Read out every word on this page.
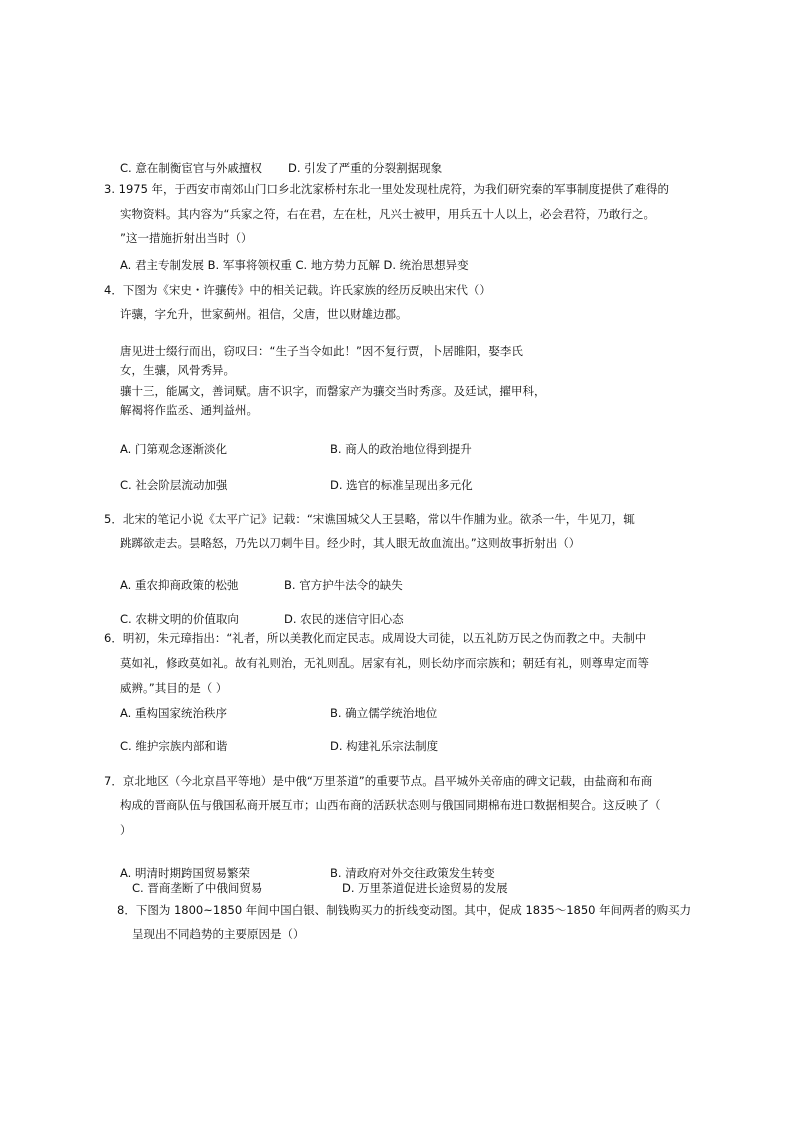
C. 意在制衡宦官与外戚擅权 D. 引发了严重的分裂割据现象
3. 1975 年，于西安市南郊山门口乡北沈家桥村东北一里处发现杜虎符，为我们研究秦的军事制度提供了难得的
实物资料。其内容为“兵家之符，右在君，左在杜，凡兴士被甲，用兵五十人以上，必会君符，乃敢行之。
”这一措施折射出当时（）
A. 君主专制发展 B. 军事将领权重 C. 地方势力瓦解 D. 统治思想异变
4．下图为《宋史・许骧传》中的相关记载。许氏家族的经历反映出宋代（）
许骧，字允升，世家蓟州。祖信，父唐，世以财雄边郡。
唐见进士缀行而出，窃叹曰：“生子当令如此！”因不复行贾，卜居睢阳，娶李氏
女，生骧，风骨秀异。
骧十三，能属文，善词赋。唐不识字，而罄家产为骧交当时秀彦。及廷试，擢甲科，
解褐将作监丞、通判益州。
A. 门第观念逐渐淡化	B. 商人的政治地位得到提升
C. 社会阶层流动加强	D. 选官的标准呈现出多元化
5．北宋的笔记小说《太平广记》记载：“宋谯国城父人王昙略，常以牛作脯为业。欲杀一牛，牛见刀，辄
跳踯欲走去。昙略怒，乃先以刀刺牛目。经少时，其人眼无故血流出。”这则故事折射出（）
A. 重农抑商政策的松弛	B. 官方护牛法令的缺失
C. 农耕文明的价值取向	D. 农民的迷信守旧心态
6．明初，朱元璋指出：“礼者，所以美教化而定民志。成周设大司徒，以五礼防万民之伪而教之中。夫制中
莫如礼，修政莫如礼。故有礼则治，无礼则乱。居家有礼，则长幼序而宗族和；朝廷有礼，则尊卑定而等
威辨。”其目的是（ ）
A. 重构国家统治秩序	B. 确立儒学统治地位
C. 维护宗族内部和谐	D. 构建礼乐宗法制度
7．京北地区（今北京昌平等地）是中俄“万里茶道”的重要节点。昌平城外关帝庙的碑文记载，由盐商和布商
构成的晋商队伍与俄国私商开展互市；山西布商的活跃状态则与俄国同期棉布进口数据相契合。这反映了（
）
A. 明清时期跨国贸易繁荣	B. 清政府对外交往政策发生转变
C. 晋商垄断了中俄间贸易	D. 万里茶道促进长途贸易的发展
8．下图为 1800~1850 年间中国白银、制钱购买力的折线变动图。其中，促成 1835～1850 年间两者的购买力
呈现出不同趋势的主要原因是（）
